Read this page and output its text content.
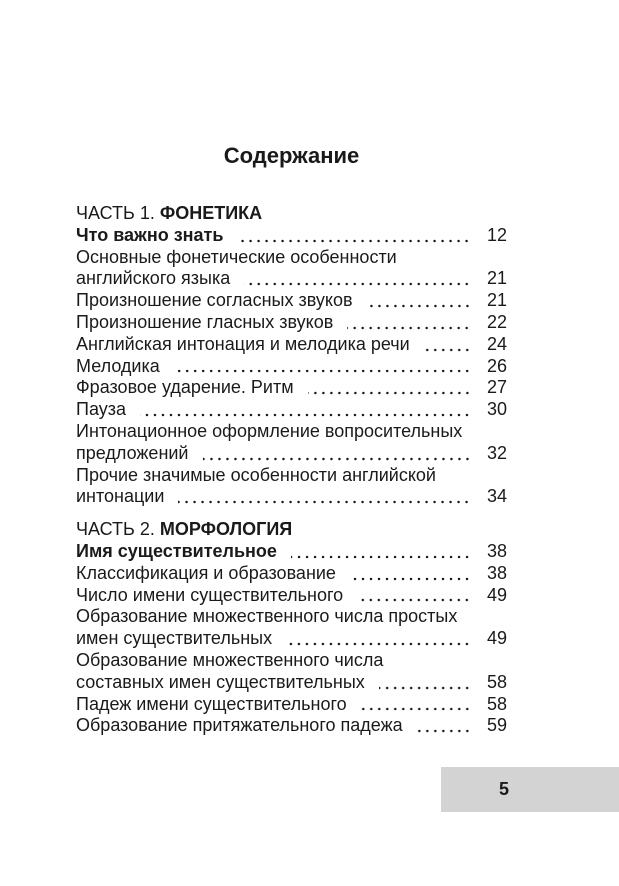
Содержание
ЧАСТЬ 1. ФОНЕТИКА
Что важно знать	12
Основные фонетические особенности
английского языка	21
Произношение согласных звуков	21
Произношение гласных звуков	22
Английская интонация и мелодика речи	24
Мелодика	26
Фразовое ударение. Ритм	27
Пауза	30
Интонационное оформление вопросительных
предложений	32
Прочие значимые особенности английской
интонации	34
ЧАСТЬ 2. МОРФОЛОГИЯ
Имя существительное	38
Классификация и образование	38
Число имени существительного	49
Образование множественного числа простых
имен существительных	49
Образование множественного числа
составных имен существительных	58
Падеж имени существительного	58
Образование притяжательного падежа	59
5
